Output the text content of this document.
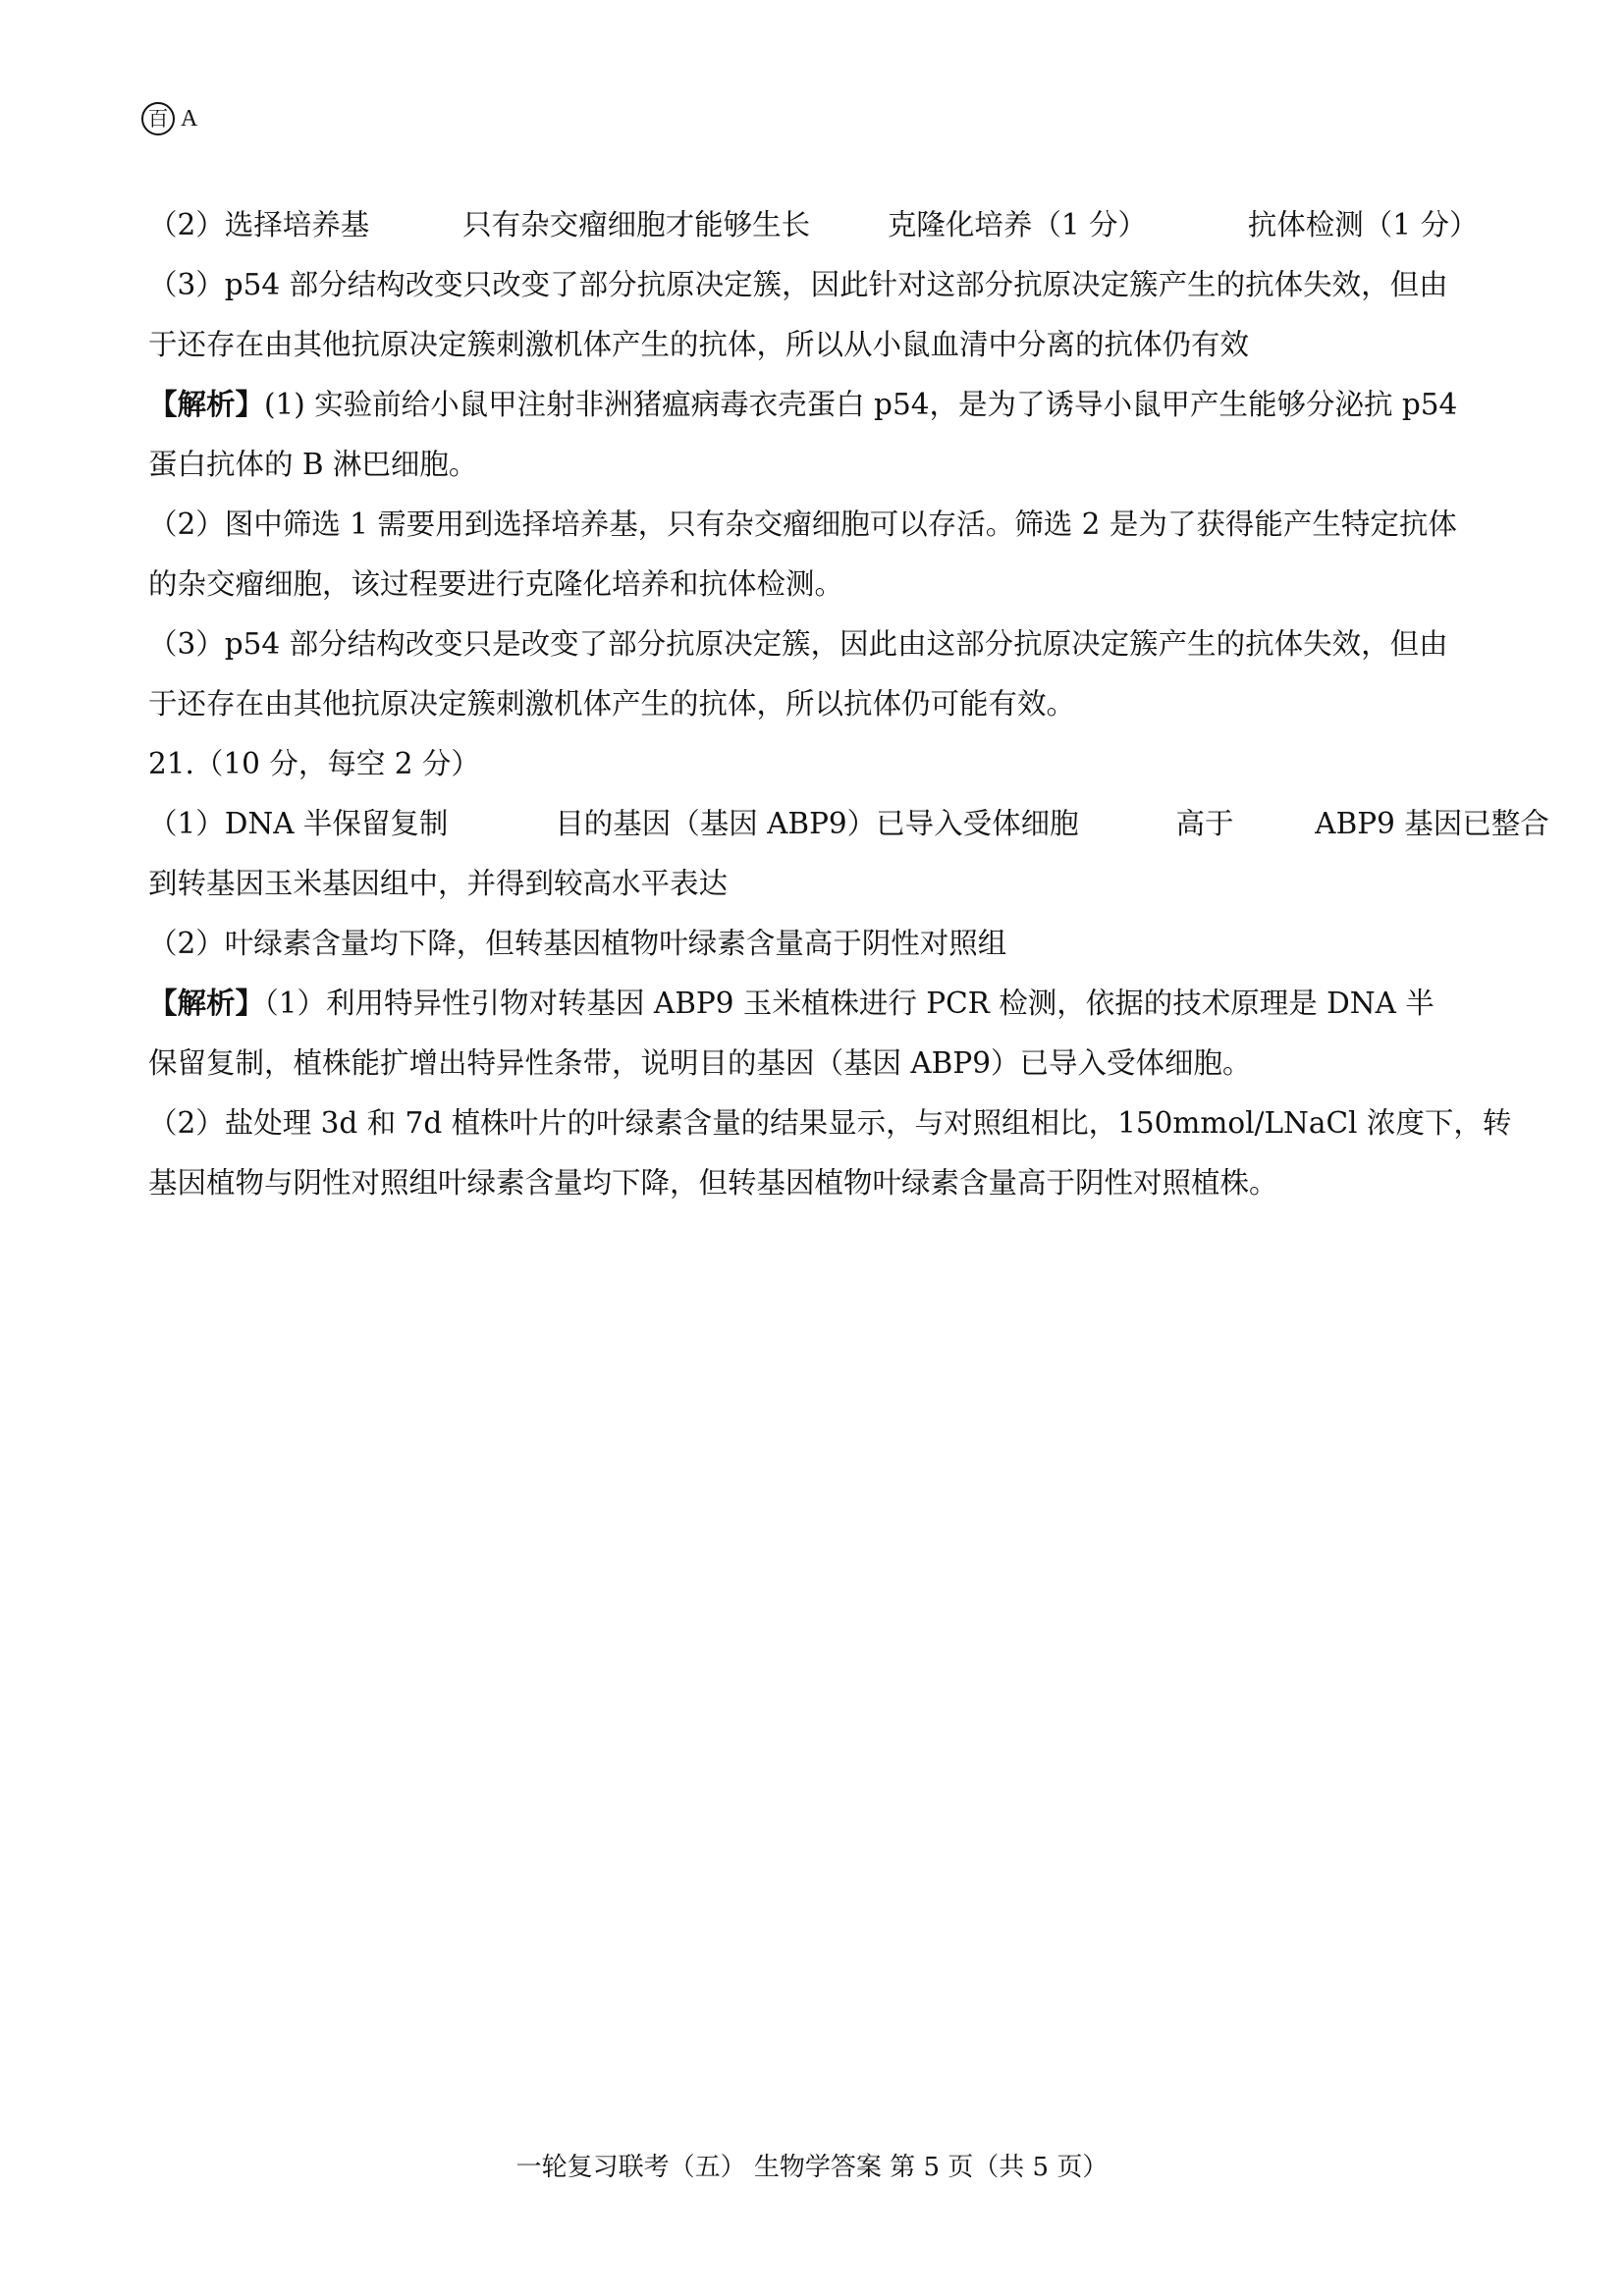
百 A
（2）选择培养基	只有杂交瘤细胞才能够生长	克隆化培养（1 分）	抗体检测（1 分）
（3）p54 部分结构改变只改变了部分抗原决定簇，因此针对这部分抗原决定簇产生的抗体失效，但由
于还存在由其他抗原决定簇刺激机体产生的抗体，所以从小鼠血清中分离的抗体仍有效
【解析】(1) 实验前给小鼠甲注射非洲猪瘟病毒衣壳蛋白 p54，是为了诱导小鼠甲产生能够分泌抗 p54
蛋白抗体的 B 淋巴细胞。
（2）图中筛选 1 需要用到选择培养基，只有杂交瘤细胞可以存活。筛选 2 是为了获得能产生特定抗体
的杂交瘤细胞，该过程要进行克隆化培养和抗体检测。
（3）p54 部分结构改变只是改变了部分抗原决定簇，因此由这部分抗原决定簇产生的抗体失效，但由
于还存在由其他抗原决定簇刺激机体产生的抗体，所以抗体仍可能有效。
21.（10 分，每空 2 分）
（1）DNA 半保留复制	目的基因（基因 ABP9）已导入受体细胞	高于	ABP9 基因已整合
到转基因玉米基因组中，并得到较高水平表达
（2）叶绿素含量均下降，但转基因植物叶绿素含量高于阴性对照组
【解析】（1）利用特异性引物对转基因 ABP9 玉米植株进行 PCR 检测，依据的技术原理是 DNA 半
保留复制，植株能扩增出特异性条带，说明目的基因（基因 ABP9）已导入受体细胞。
（2）盐处理 3d 和 7d 植株叶片的叶绿素含量的结果显示，与对照组相比，150mmol/LNaCl 浓度下，转
基因植物与阴性对照组叶绿素含量均下降，但转基因植物叶绿素含量高于阴性对照植株。
一轮复习联考（五） 生物学答案 第 5 页（共 5 页）
